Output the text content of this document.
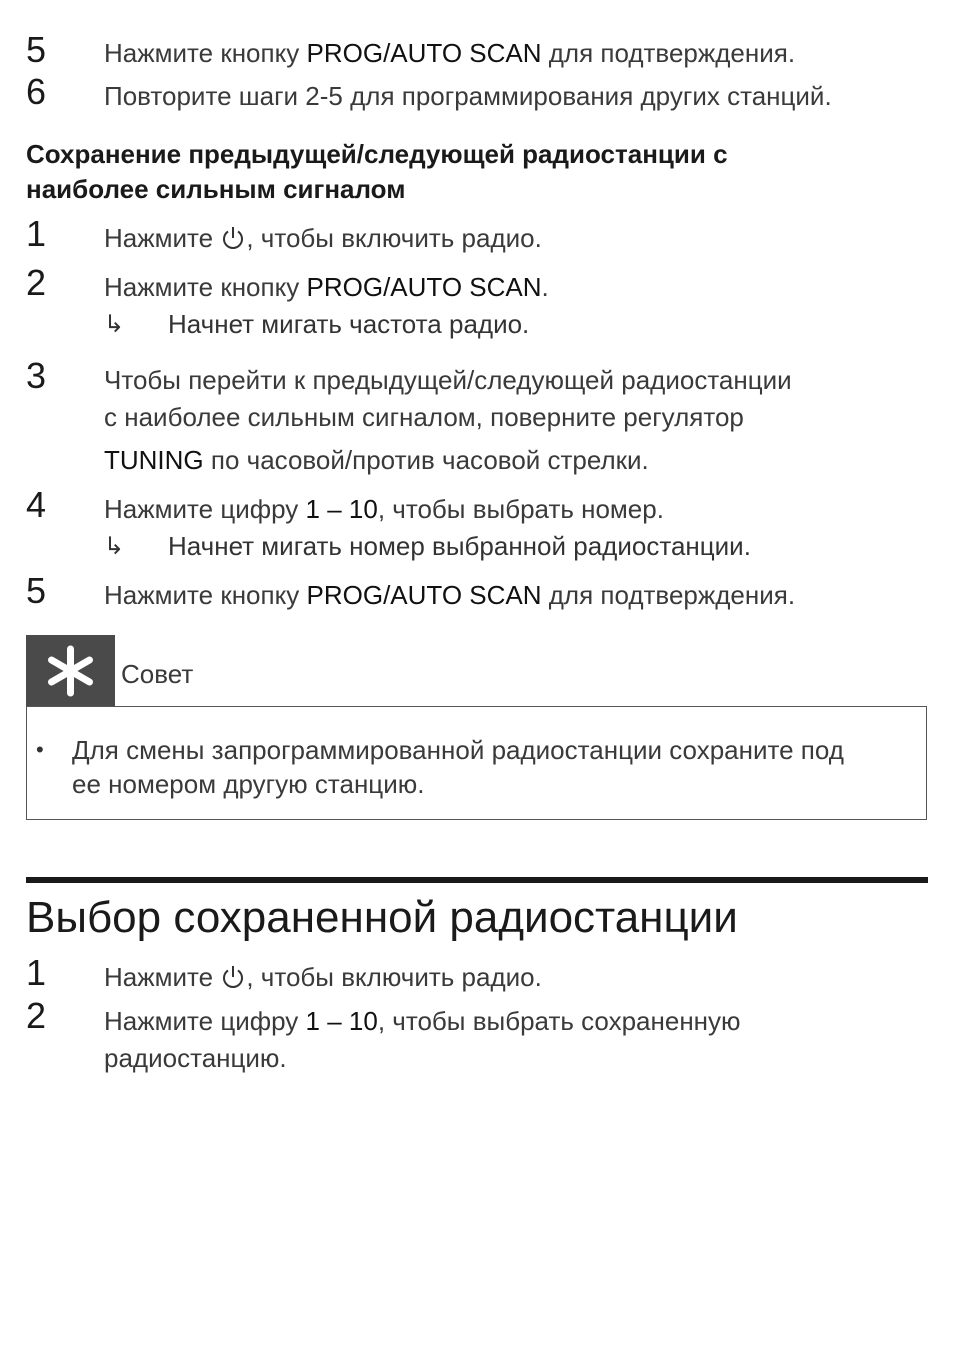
5 Нажмите кнопку PROG/AUTO SCAN для подтверждения.
6 Повторите шаги 2-5 для программирования других станций.
Сохранение предыдущей/следующей радиостанции с
наиболее сильным сигналом
1 Нажмите , чтобы включить радио.
2 Нажмите кнопку PROG/AUTO SCAN.
↳ Начнет мигать частота радио.
3 Чтобы перейти к предыдущей/следующей радиостанции
с наиболее сильным сигналом, поверните регулятор
TUNING по часовой/против часовой стрелки.
4 Нажмите цифру 1 – 10, чтобы выбрать номер.
↳ Начнет мигать номер выбранной радиостанции.
5 Нажмите кнопку PROG/AUTO SCAN для подтверждения.
Совет
• Для смены запрограммированной радиостанции сохраните под
ее номером другую станцию.
Выбор сохраненной радиостанции
1 Нажмите , чтобы включить радио.
2 Нажмите цифру 1 – 10, чтобы выбрать сохраненную
радиостанцию.
